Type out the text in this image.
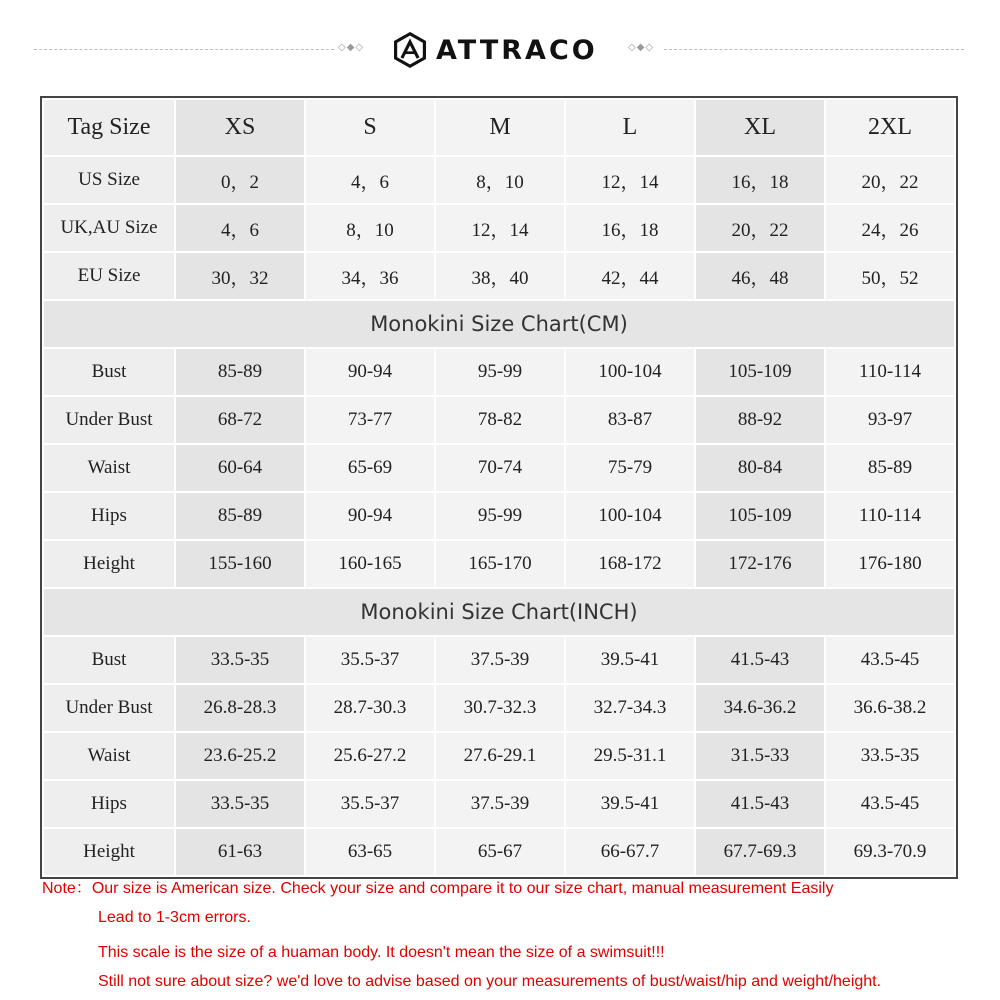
◇◆◇	ATTRACO	◇◆◇
Tag Size	XS	S	M	L	XL	2XL
US Size	0，2	4，6	8，10	12，14	16，18	20，22
UK,AU Size	4，6	8，10	12，14	16，18	20，22	24，26
EU Size	30，32	34，36	38，40	42，44	46，48	50，52
Monokini Size Chart(CM)						
Bust	85-89	90-94	95-99	100-104	105-109	110-114
Under Bust	68-72	73-77	78-82	83-87	88-92	93-97
Waist	60-64	65-69	70-74	75-79	80-84	85-89
Hips	85-89	90-94	95-99	100-104	105-109	110-114
Height	155-160	160-165	165-170	168-172	172-176	176-180
Monokini Size Chart(INCH)						
Bust	33.5-35	35.5-37	37.5-39	39.5-41	41.5-43	43.5-45
Under Bust	26.8-28.3	28.7-30.3	30.7-32.3	32.7-34.3	34.6-36.2	36.6-38.2
Waist	23.6-25.2	25.6-27.2	27.6-29.1	29.5-31.1	31.5-33	33.5-35
Hips	33.5-35	35.5-37	37.5-39	39.5-41	41.5-43	43.5-45
Height	61-63	63-65	65-67	66-67.7	67.7-69.3	69.3-70.9
Note：Our size is American size. Check your size and compare it to our size chart, manual measurement Easily
Lead to 1-3cm errors.
This scale is the size of a huaman body. It doesn't mean the size of a swimsuit!!!
Still not sure about size? we'd love to advise based on your measurements of bust/waist/hip and weight/height.
